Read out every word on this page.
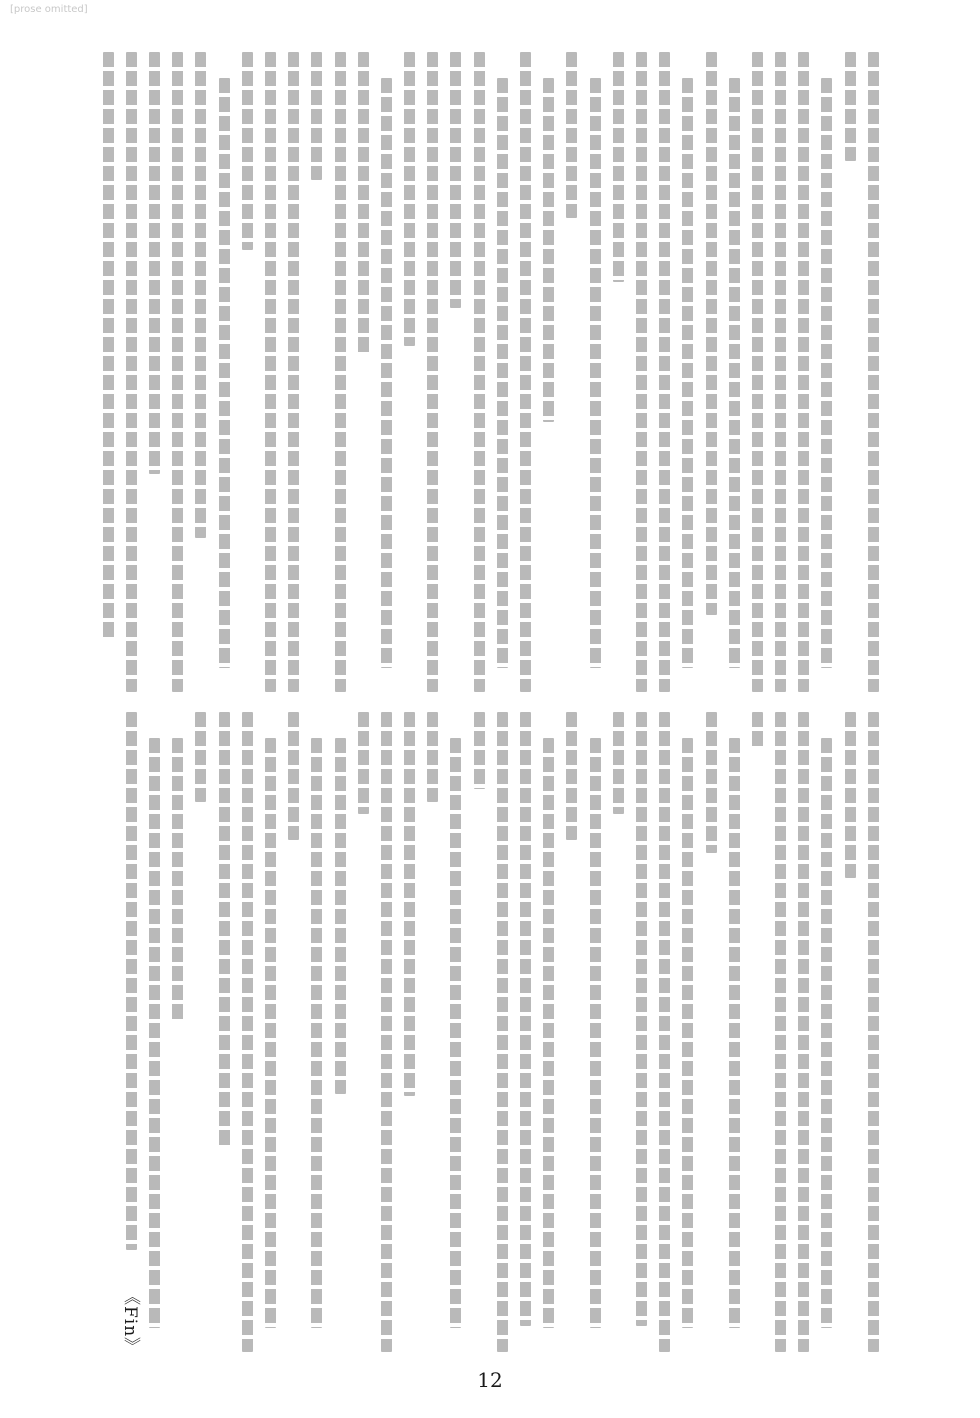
[prose omitted]
《Fin》
12
